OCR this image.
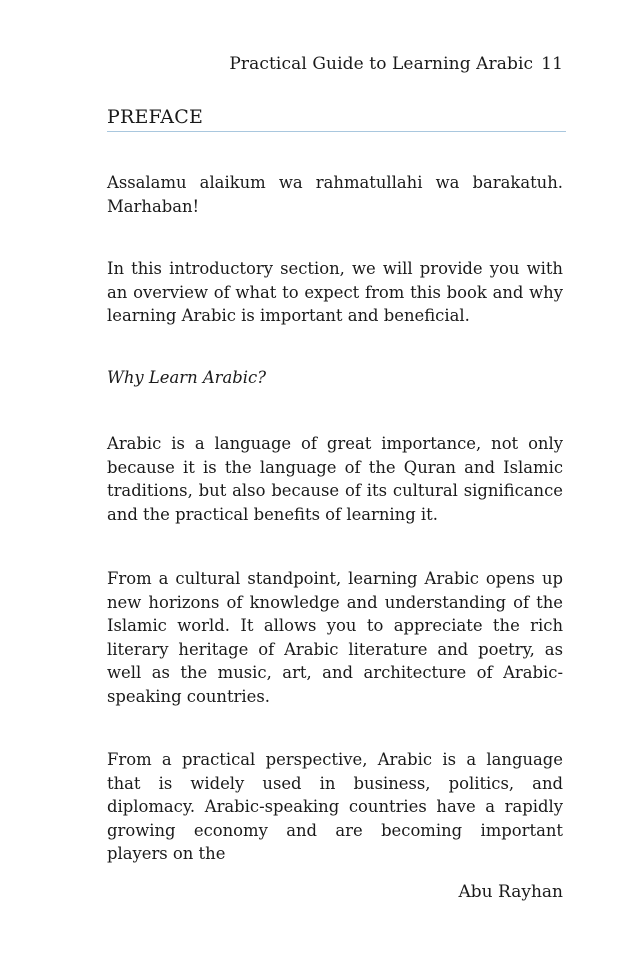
Practical Guide to Learning Arabic 11
PREFACE

Assalamu alaikum wa rahmatullahi wa barakatuh. Marhaban!

In this introductory section, we will provide you with an overview of what to expect from this book and why learning Arabic is important and beneficial.

Why Learn Arabic?

Arabic is a language of great importance, not only because it is the language of the Quran and Islamic traditions, but also because of its cultural significance and the practical benefits of learning it.

From a cultural standpoint, learning Arabic opens up new horizons of knowledge and understanding of the Islamic world. It allows you to appreciate the rich literary heritage of Arabic literature and poetry, as well as the music, art, and architecture of Arabic-speaking countries.

From a practical perspective, Arabic is a language that is widely used in business, politics, and diplomacy. Arabic-speaking countries have a rapidly growing economy and are becoming important players on the

Abu Rayhan
